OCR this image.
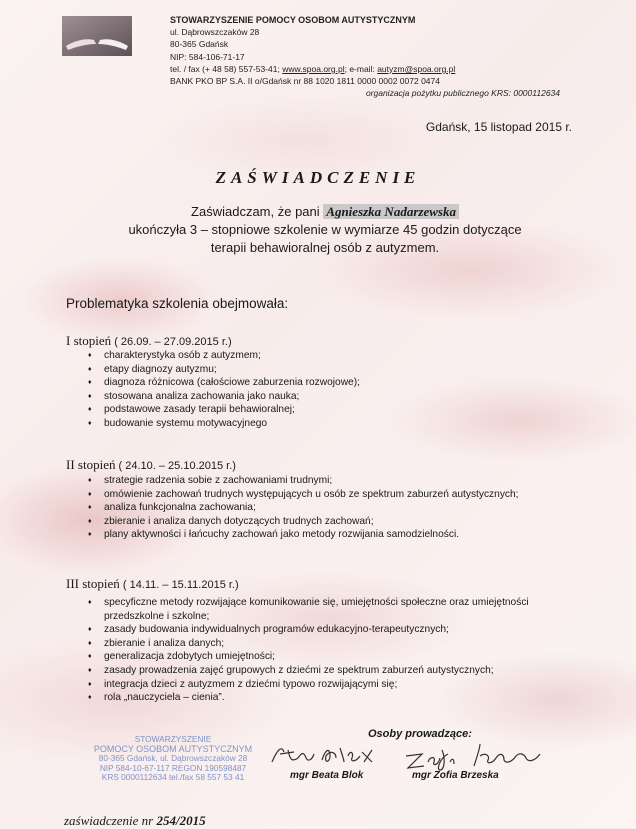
STOWARZYSZENIE POMOCY OSOBOM AUTYSTYCZNYM
ul. Dąbrowszczaków 28
80-365 Gdańsk
NIP: 584-106-71-17
tel. / fax (+ 48 58) 557-53-41; www.spoa.org.pl; e-mail: autyzm@spoa.org.pl
BANK PKO BP S.A. II o/Gdańsk nr 88 1020 1811 0000 0002 0072 0474
organizacja pożytku publicznego KRS: 0000112634
Gdańsk, 15 listopad 2015 r.
ZAŚWIADCZENIE
Zaświadczam, że pani Agnieszka Nadarzewska
ukończyła 3 – stopniowe szkolenie w wymiarze 45 godzin dotyczące
terapii behawioralnej osób z autyzmem.
Problematyka szkolenia obejmowała:
I stopień ( 26.09. – 27.09.2015 r.)
♦ charakterystyka osób z autyzmem;
♦ etapy diagnozy autyzmu;
♦ diagnoza różnicowa (całościowe zaburzenia rozwojowe);
♦ stosowana analiza zachowania jako nauka;
♦ podstawowe zasady terapii behawioralnej;
♦ budowanie systemu motywacyjnego
II stopień ( 24.10. – 25.10.2015 r.)
♦ strategie radzenia sobie z zachowaniami trudnymi;
♦ omówienie zachowań trudnych występujących u osób ze spektrum zaburzeń autystycznych;
♦ analiza funkcjonalna zachowania;
♦ zbieranie i analiza danych dotyczących trudnych zachowań;
♦ plany aktywności i łańcuchy zachowań jako metody rozwijania samodzielności.
III stopień ( 14.11. – 15.11.2015 r.)
♦ specyficzne metody rozwijające komunikowanie się, umiejętności społeczne oraz umiejętności przedszkolne i szkolne;
♦ zasady budowania indywidualnych programów edukacyjno-terapeutycznych;
♦ zbieranie i analiza danych;
♦ generalizacja zdobytych umiejętności;
♦ zasady prowadzenia zajęć grupowych z dziećmi ze spektrum zaburzeń autystycznych;
♦ integracja dzieci z autyzmem z dziećmi typowo rozwijającymi się;
♦ rola „nauczyciela – cienia”.
STOWARZYSZENIE
POMOCY OSOBOM AUTYSTYCZNYM
80-365 Gdańsk, ul. Dąbrowszczaków 28
NIP 584-10-67-117 REGON 190598487
KRS 0000112634 tel./fax 58 557 53 41
Osoby prowadzące:
mgr Beata Blok	mgr Zofia Brzeska
zaświadczenie nr 254/2015
